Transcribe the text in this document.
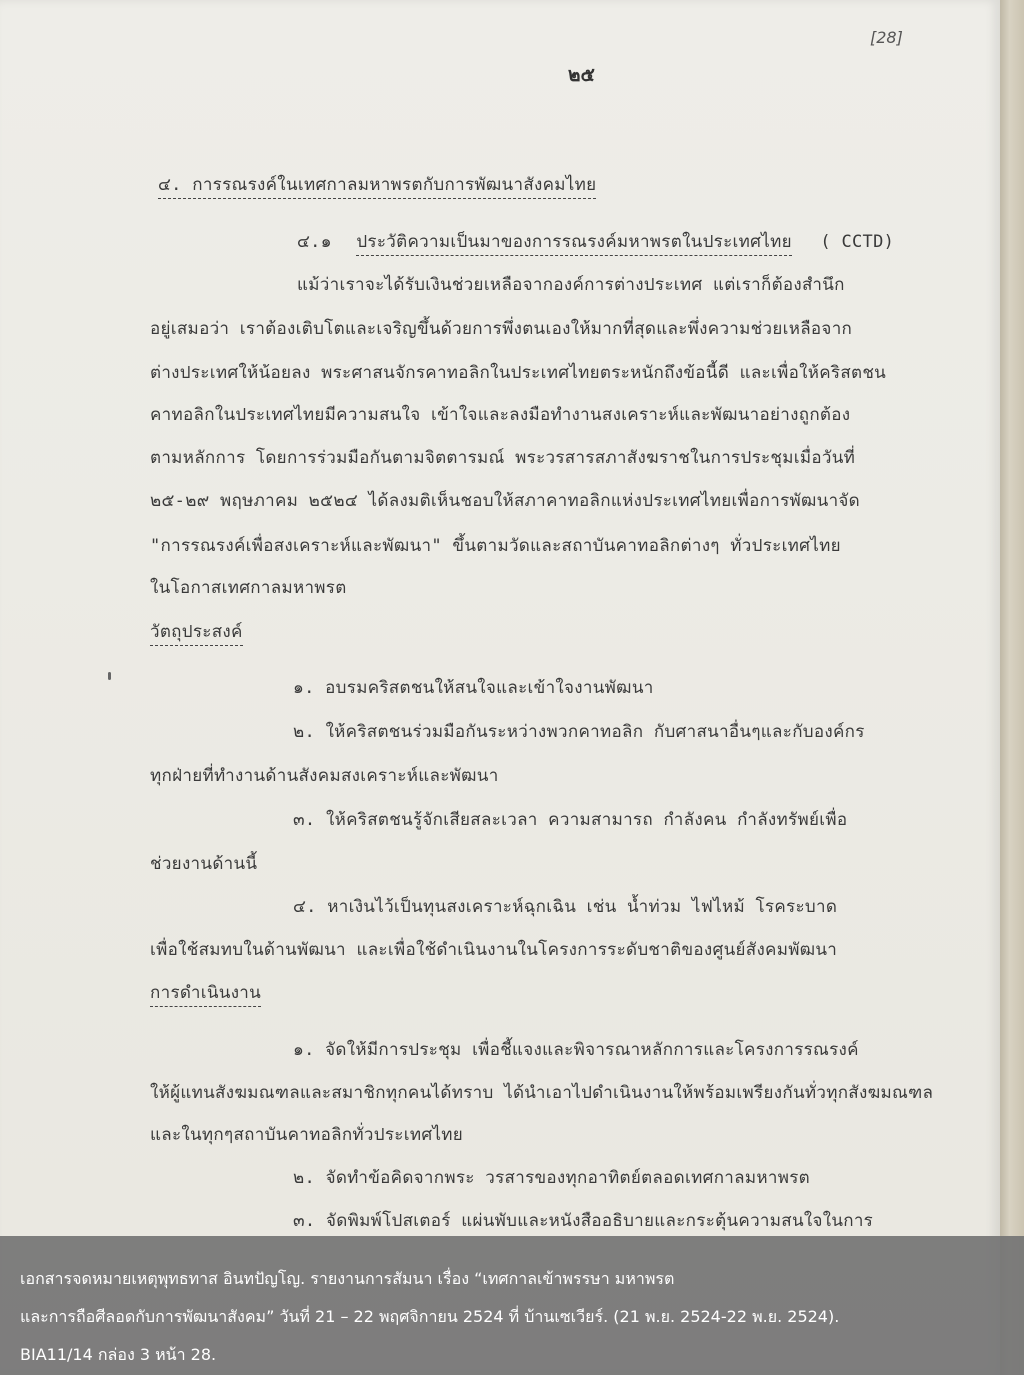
[28]
๒๕
๔. การรณรงค์ในเทศกาลมหาพรตกับการพัฒนาสังคมไทย
๔.๑ ประวัติความเป็นมาของการรณรงค์มหาพรตในประเทศไทย ( CCTD)
แม้ว่าเราจะได้รับเงินช่วยเหลือจากองค์การต่างประเทศ แต่เราก็ต้องสำนึก
อยู่เสมอว่า เราต้องเติบโตและเจริญขึ้นด้วยการพึ่งตนเองให้มากที่สุดและพึ่งความช่วยเหลือจาก
ต่างประเทศให้น้อยลง พระศาสนจักรคาทอลิกในประเทศไทยตระหนักถึงข้อนี้ดี และเพื่อให้คริสตชน
คาทอลิกในประเทศไทยมีความสนใจ เข้าใจและลงมือทำงานสงเคราะห์และพัฒนาอย่างถูกต้อง
ตามหลักการ โดยการร่วมมือกันตามจิตตารมณ์ พระวรสารสภาสังฆราชในการประชุมเมื่อวันที่
๒๕-๒๙ พฤษภาคม ๒๕๒๔ ได้ลงมติเห็นชอบให้สภาคาทอลิกแห่งประเทศไทยเพื่อการพัฒนาจัด
"การรณรงค์เพื่อสงเคราะห์และพัฒนา" ขึ้นตามวัดและสถาบันคาทอลิกต่างๆ ทั่วประเทศไทย
ในโอกาสเทศกาลมหาพรต
วัตถุประสงค์
๑. อบรมคริสตชนให้สนใจและเข้าใจงานพัฒนา
๒. ให้คริสตชนร่วมมือกันระหว่างพวกคาทอลิก กับศาสนาอื่นๆและกับองค์กร
ทุกฝ่ายที่ทำงานด้านสังคมสงเคราะห์และพัฒนา
๓. ให้คริสตชนรู้จักเสียสละเวลา ความสามารถ กำลังคน กำลังทรัพย์เพื่อ
ช่วยงานด้านนี้
๔. หาเงินไว้เป็นทุนสงเคราะห์ฉุกเฉิน เช่น น้ำท่วม ไฟไหม้ โรคระบาด
เพื่อใช้สมทบในด้านพัฒนา และเพื่อใช้ดำเนินงานในโครงการระดับชาติของศูนย์สังคมพัฒนา
การดำเนินงาน
๑. จัดให้มีการประชุม เพื่อชี้แจงและพิจารณาหลักการและโครงการรณรงค์
ให้ผู้แทนสังฆมณฑลและสมาชิกทุกคนได้ทราบ ได้นำเอาไปดำเนินงานให้พร้อมเพรียงกันทั่วทุกสังฆมณฑล
และในทุกๆสถาบันคาทอลิกทั่วประเทศไทย
๒. จัดทำข้อคิดจากพระ วรสารของทุกอาทิตย์ตลอดเทศกาลมหาพรต
๓. จัดพิมพ์โปสเตอร์ แผ่นพับและหนังสืออธิบายและกระตุ้นความสนใจในการ
เอกสารจดหมายเหตุพุทธทาส อินทปัญโญ. รายงานการสัมนา เรื่อง “เทศกาลเข้าพรรษา มหาพรต
และการถือศีลอดกับการพัฒนาสังคม” วันที่ 21 – 22 พฤศจิกายน 2524 ที่ บ้านเซเวียร์. (21 พ.ย. 2524-22 พ.ย. 2524).
BIA11/14 กล่อง 3 หน้า 28.
